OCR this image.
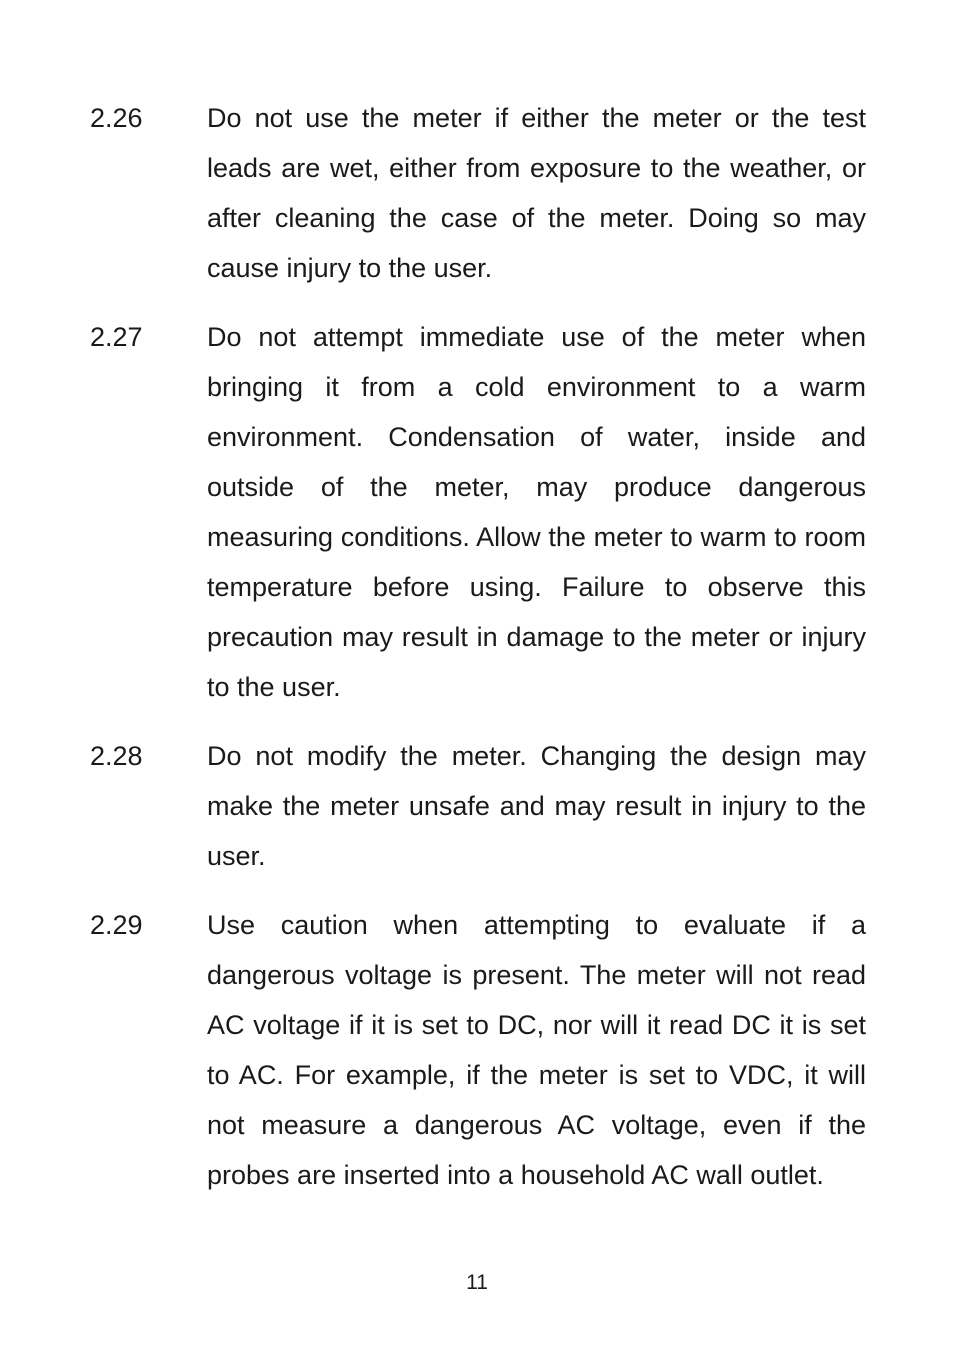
2.26	Do not use the meter if either the meter or the test leads are wet, either from exposure to the weather, or after cleaning the case of the meter. Doing so may cause injury to the user.
2.27	Do not attempt immediate use of the meter when bringing it from a cold environment to a warm environment. Condensation of water, inside and outside of the meter, may produce dangerous measuring conditions. Allow the meter to warm to room temperature before using. Failure to observe this precaution may result in damage to the meter or injury to the user.
2.28	Do not modify the meter. Changing the design may make the meter unsafe and may result in injury to the user.
2.29	Use caution when attempting to evaluate if a dangerous voltage is present. The meter will not read AC voltage if it is set to DC, nor will it read DC it is set to AC. For example, if the meter is set to VDC, it will not measure a dangerous AC voltage, even if the probes are inserted into a household AC wall outlet.
11
